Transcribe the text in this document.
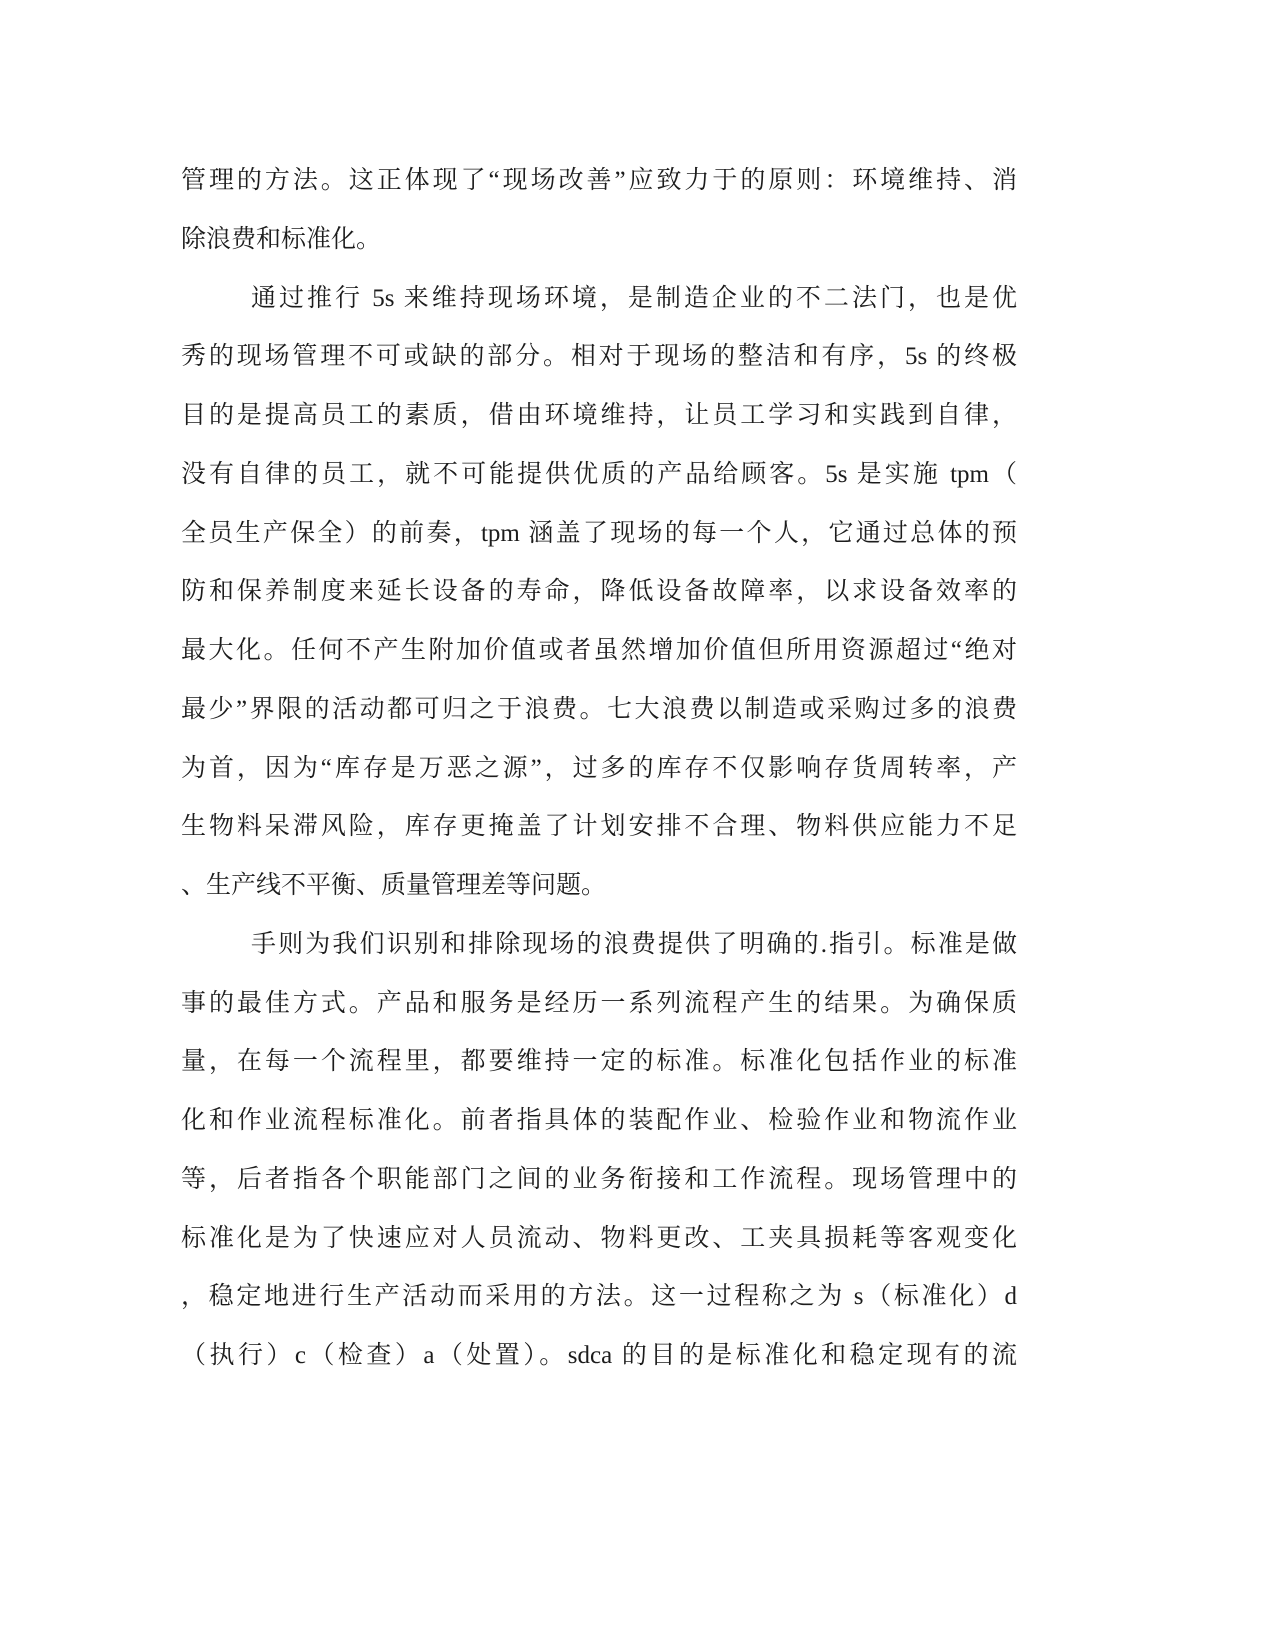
管理的方法。这正体现了“现场改善”应致力于的原则：环境维持、消
除浪费和标准化。
通过推行 5s 来维持现场环境，是制造企业的不二法门，也是优
秀的现场管理不可或缺的部分。相对于现场的整洁和有序，5s 的终极
目的是提高员工的素质，借由环境维持，让员工学习和实践到自律，
没有自律的员工，就不可能提供优质的产品给顾客。5s 是实施 tpm（
全员生产保全）的前奏，tpm 涵盖了现场的每一个人，它通过总体的预
防和保养制度来延长设备的寿命，降低设备故障率，以求设备效率的
最大化。任何不产生附加价值或者虽然增加价值但所用资源超过“绝对
最少”界限的活动都可归之于浪费。七大浪费以制造或采购过多的浪费
为首，因为“库存是万恶之源”，过多的库存不仅影响存货周转率，产
生物料呆滞风险，库存更掩盖了计划安排不合理、物料供应能力不足
、生产线不平衡、质量管理差等问题。
手则为我们识别和排除现场的浪费提供了明确的.指引。标准是做
事的最佳方式。产品和服务是经历一系列流程产生的结果。为确保质
量，在每一个流程里，都要维持一定的标准。标准化包括作业的标准
化和作业流程标准化。前者指具体的装配作业、检验作业和物流作业
等，后者指各个职能部门之间的业务衔接和工作流程。现场管理中的
标准化是为了快速应对人员流动、物料更改、工夹具损耗等客观变化
，稳定地进行生产活动而采用的方法。这一过程称之为 s（标准化）d
（执行）c（检查）a（处置）。sdca 的目的是标准化和稳定现有的流
